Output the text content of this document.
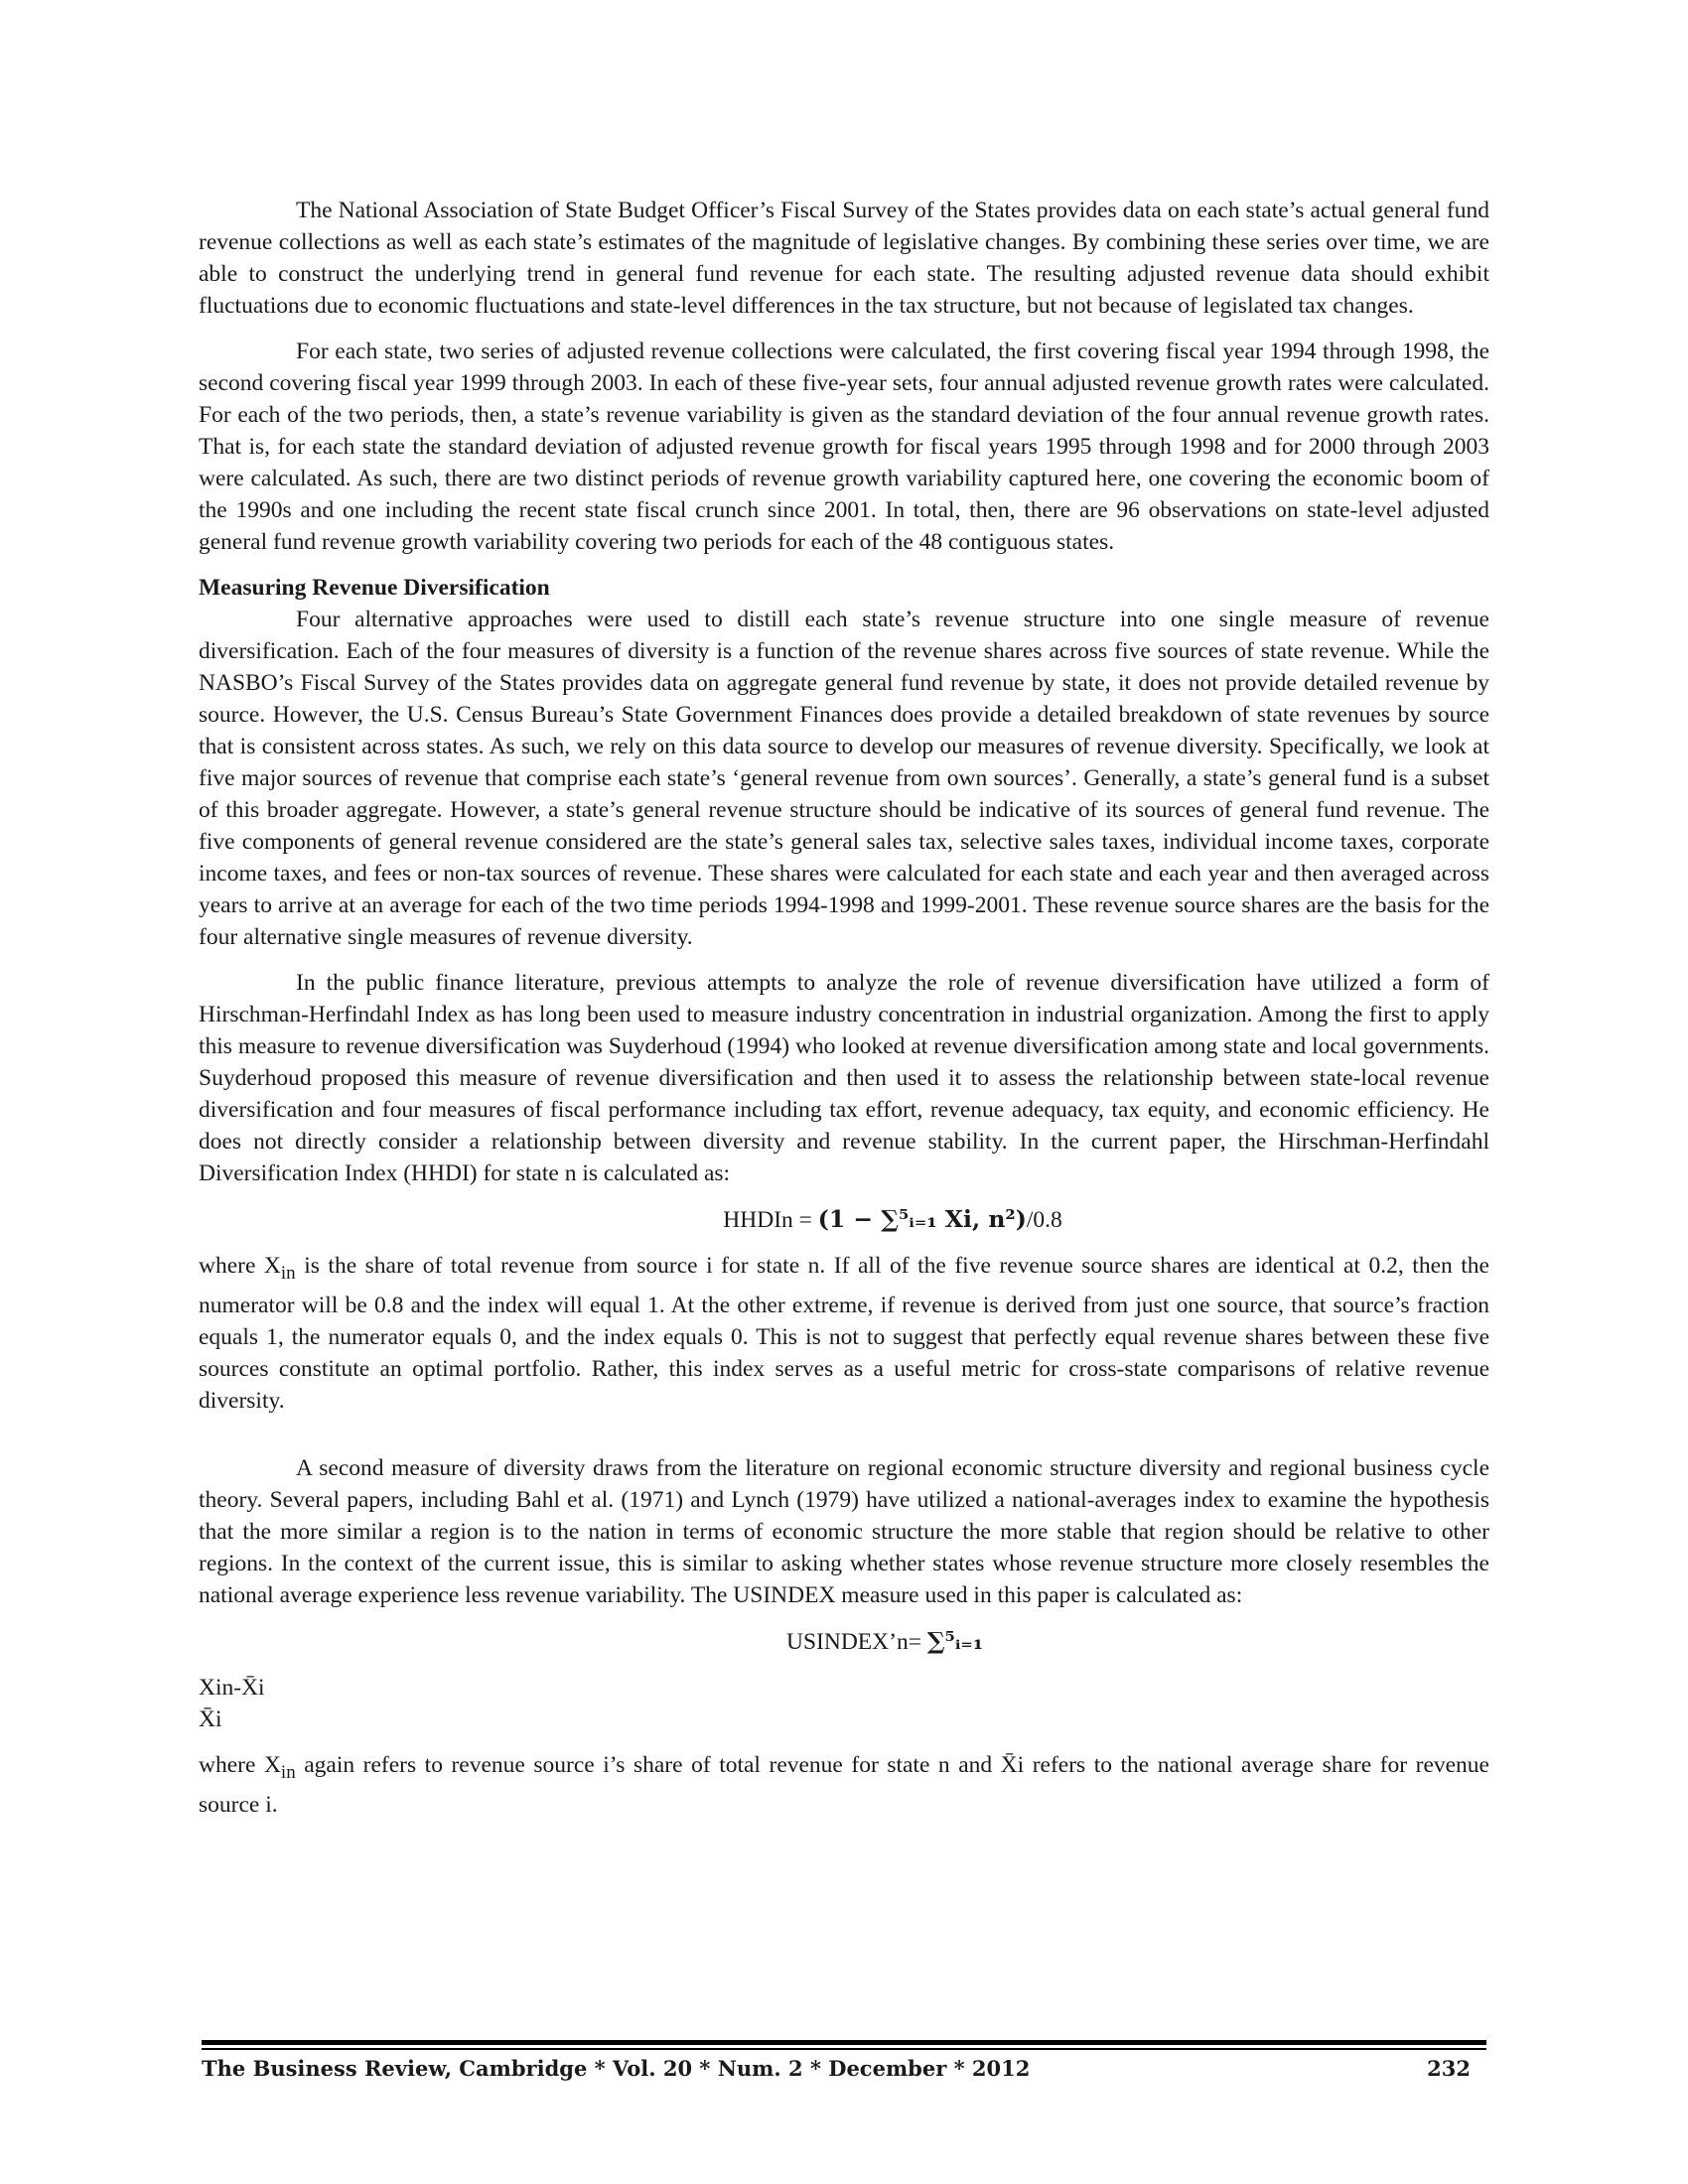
The National Association of State Budget Officer’s Fiscal Survey of the States provides data on each state’s actual general fund revenue collections as well as each state’s estimates of the magnitude of legislative changes. By combining these series over time, we are able to construct the underlying trend in general fund revenue for each state. The resulting adjusted revenue data should exhibit fluctuations due to economic fluctuations and state-level differences in the tax structure, but not because of legislated tax changes.

For each state, two series of adjusted revenue collections were calculated, the first covering fiscal year 1994 through 1998, the second covering fiscal year 1999 through 2003. In each of these five-year sets, four annual adjusted revenue growth rates were calculated. For each of the two periods, then, a state’s revenue variability is given as the standard deviation of the four annual revenue growth rates. That is, for each state the standard deviation of adjusted revenue growth for fiscal years 1995 through 1998 and for 2000 through 2003 were calculated. As such, there are two distinct periods of revenue growth variability captured here, one covering the economic boom of the 1990s and one including the recent state fiscal crunch since 2001. In total, then, there are 96 observations on state-level adjusted general fund revenue growth variability covering two periods for each of the 48 contiguous states.

Measuring Revenue Diversification

Four alternative approaches were used to distill each state’s revenue structure into one single measure of revenue diversification. Each of the four measures of diversity is a function of the revenue shares across five sources of state revenue. While the NASBO’s Fiscal Survey of the States provides data on aggregate general fund revenue by state, it does not provide detailed revenue by source. However, the U.S. Census Bureau’s State Government Finances does provide a detailed breakdown of state revenues by source that is consistent across states. As such, we rely on this data source to develop our measures of revenue diversity. Specifically, we look at five major sources of revenue that comprise each state’s ‘general revenue from own sources’. Generally, a state’s general fund is a subset of this broader aggregate. However, a state’s general revenue structure should be indicative of its sources of general fund revenue. The five components of general revenue considered are the state’s general sales tax, selective sales taxes, individual income taxes, corporate income taxes, and fees or non-tax sources of revenue. These shares were calculated for each state and each year and then averaged across years to arrive at an average for each of the two time periods 1994-1998 and 1999-2001. These revenue source shares are the basis for the four alternative single measures of revenue diversity.

In the public finance literature, previous attempts to analyze the role of revenue diversification have utilized a form of Hirschman-Herfindahl Index as has long been used to measure industry concentration in industrial organization. Among the first to apply this measure to revenue diversification was Suyderhoud (1994) who looked at revenue diversification among state and local governments. Suyderhoud proposed this measure of revenue diversification and then used it to assess the relationship between state-local revenue diversification and four measures of fiscal performance including tax effort, revenue adequacy, tax equity, and economic efficiency. He does not directly consider a relationship between diversity and revenue stability. In the current paper, the Hirschman-Herfindahl Diversification Index (HHDI) for state n is calculated as:

HHDIn = (1 − ∑⁵ᵢ₌₁ Xi, n²)/0.8

where $X_{in}$ is the share of total revenue from source i for state n. If all of the five revenue source shares are identical at 0.2, then the numerator will be 0.8 and the index will equal 1. At the other extreme, if revenue is derived from just one source, that source’s fraction equals 1, the numerator equals 0, and the index equals 0. This is not to suggest that perfectly equal revenue shares between these five sources constitute an optimal portfolio. Rather, this index serves as a useful metric for cross-state comparisons of relative revenue diversity.

A second measure of diversity draws from the literature on regional economic structure diversity and regional business cycle theory. Several papers, including Bahl et al. (1971) and Lynch (1979) have utilized a national-averages index to examine the hypothesis that the more similar a region is to the nation in terms of economic structure the more stable that region should be relative to other regions. In the context of the current issue, this is similar to asking whether states whose revenue structure more closely resembles the national average experience less revenue variability. The USINDEX measure used in this paper is calculated as:

USINDEX’n= ∑⁵ᵢ₌₁

Xin-X̄i
X̄i

where $X_{in}$ again refers to revenue source i’s share of total revenue for state n and X̄i refers to the national average share for revenue source i.

The Business Review, Cambridge * Vol. 20 * Num. 2 * December * 2012	232
